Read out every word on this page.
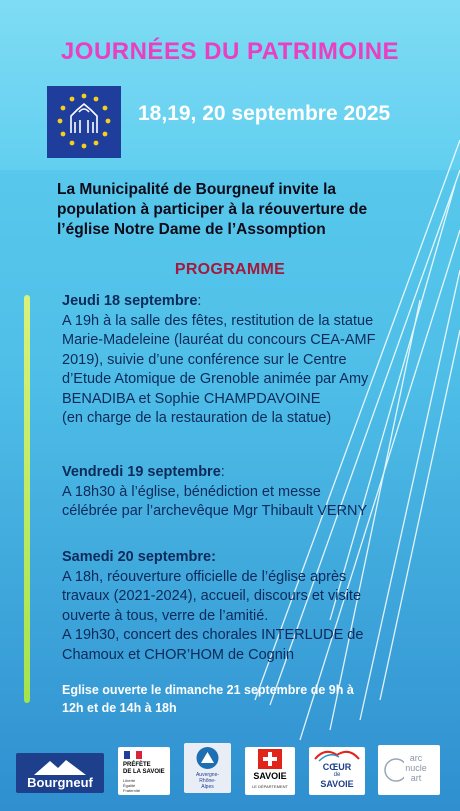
JOURNÉES DU PATRIMOINE
18,19, 20 septembre 2025
La Municipalité de Bourgneuf invite la
population à participer à la réouverture de
l’église Notre Dame de l’Assomption
PROGRAMME
Jeudi 18 septembre:
A 19h à la salle des fêtes, restitution de la statue
Marie-Madeleine (lauréat du concours CEA-AMF
2019), suivie d’une conférence sur le Centre
d’Etude Atomique de Grenoble animée par Amy
BENADIBA et Sophie CHAMPDAVOINE
(en charge de la restauration de la statue)
Vendredi 19 septembre:
A 18h30 à l’église, bénédiction et messe
célébrée par l’archevêque Mgr Thibault VERNY
Samedi 20 septembre:
A 18h, réouverture officielle de l’église après
travaux (2021-2024), accueil, discours et visite
ouverte à tous, verre de l’amitié.
A 19h30, concert des chorales INTERLUDE de
Chamoux et CHOR’HOM de Cognin
Eglise ouverte le dimanche 21 septembre de 9h à
12h et de 14h à 18h
Bourgneuf
PRÉFÈTE
DE LA SAVOIE
Liberté
Égalité
Fraternité
Auvergne-
Rhône-
Alpes
SAVOIE
LE DÉPARTEMENT
CŒUR
de
SAVOIE
arc
nucle
art
